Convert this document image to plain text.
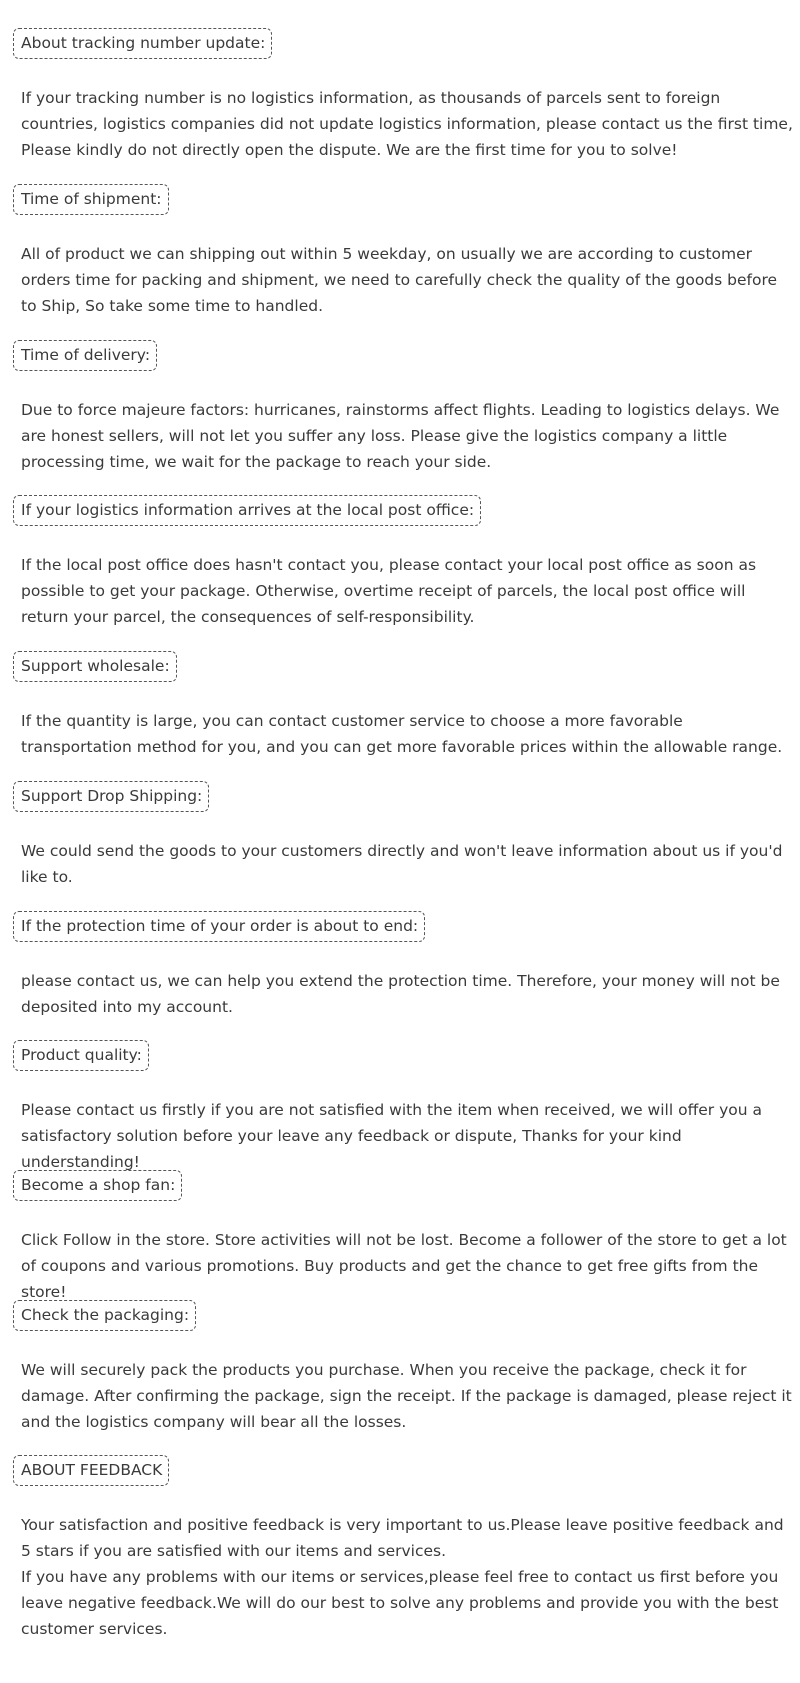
About tracking number update:

If your tracking number is no logistics information, as thousands of parcels sent to foreign countries, logistics companies did not update logistics information, please contact us the first time, Please kindly do not directly open the dispute. We are the first time for you to solve!

Time of shipment:

All of product we can shipping out within 5 weekday, on usually we are according to customer orders time for packing and shipment, we need to carefully check the quality of the goods before to Ship, So take some time to handled.

Time of delivery:

Due to force majeure factors: hurricanes, rainstorms affect flights. Leading to logistics delays. We are honest sellers, will not let you suffer any loss. Please give the logistics company a little processing time, we wait for the package to reach your side.

If your logistics information arrives at the local post office:

If the local post office does hasn't contact you, please contact your local post office as soon as possible to get your package. Otherwise, overtime receipt of parcels, the local post office will return your parcel, the consequences of self-responsibility.

Support wholesale:

If the quantity is large, you can contact customer service to choose a more favorable transportation method for you, and you can get more favorable prices within the allowable range.

Support Drop Shipping:

We could send the goods to your customers directly and won't leave information about us if you'd like to.

If the protection time of your order is about to end:

please contact us, we can help you extend the protection time. Therefore, your money will not be deposited into my account.

Product quality:

Please contact us firstly if you are not satisfied with the item when received, we will offer you a satisfactory solution before your leave any feedback or dispute, Thanks for your kind understanding!

Become a shop fan:

Click Follow in the store. Store activities will not be lost. Become a follower of the store to get a lot of coupons and various promotions. Buy products and get the chance to get free gifts from the store!

Check the packaging:

We will securely pack the products you purchase. When you receive the package, check it for damage. After confirming the package, sign the receipt. If the package is damaged, please reject it and the logistics company will bear all the losses.

ABOUT FEEDBACK

Your satisfaction and positive feedback is very important to us.Please leave positive feedback and 5 stars if you are satisfied with our items and services.

If you have any problems with our items or services,please feel free to contact us first before you leave negative feedback.We will do our best to solve any problems and provide you with the best customer services.
